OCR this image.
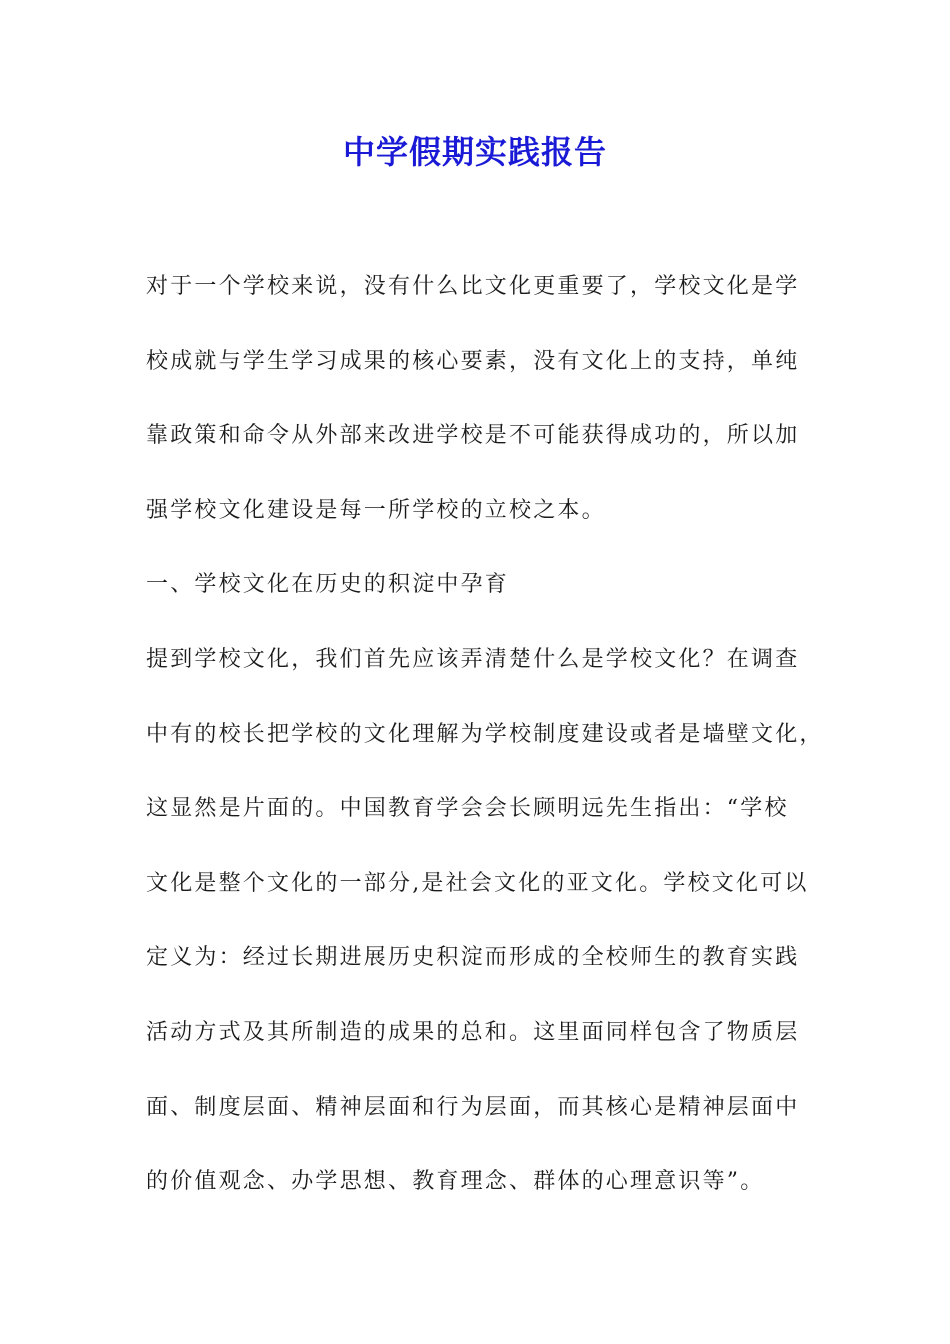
中学假期实践报告
对于一个学校来说，没有什么比文化更重要了，学校文化是学
校成就与学生学习成果的核心要素，没有文化上的支持，单纯
靠政策和命令从外部来改进学校是不可能获得成功的，所以加
强学校文化建设是每一所学校的立校之本。
一、学校文化在历史的积淀中孕育
提到学校文化，我们首先应该弄清楚什么是学校文化？在调查
中有的校长把学校的文化理解为学校制度建设或者是墙壁文化，
这显然是片面的。中国教育学会会长顾明远先生指出：“学校
文化是整个文化的一部分,是社会文化的亚文化。学校文化可以
定义为：经过长期进展历史积淀而形成的全校师生的教育实践
活动方式及其所制造的成果的总和。这里面同样包含了物质层
面、制度层面、精神层面和行为层面，而其核心是精神层面中
的价值观念、办学思想、教育理念、群体的心理意识等”。
